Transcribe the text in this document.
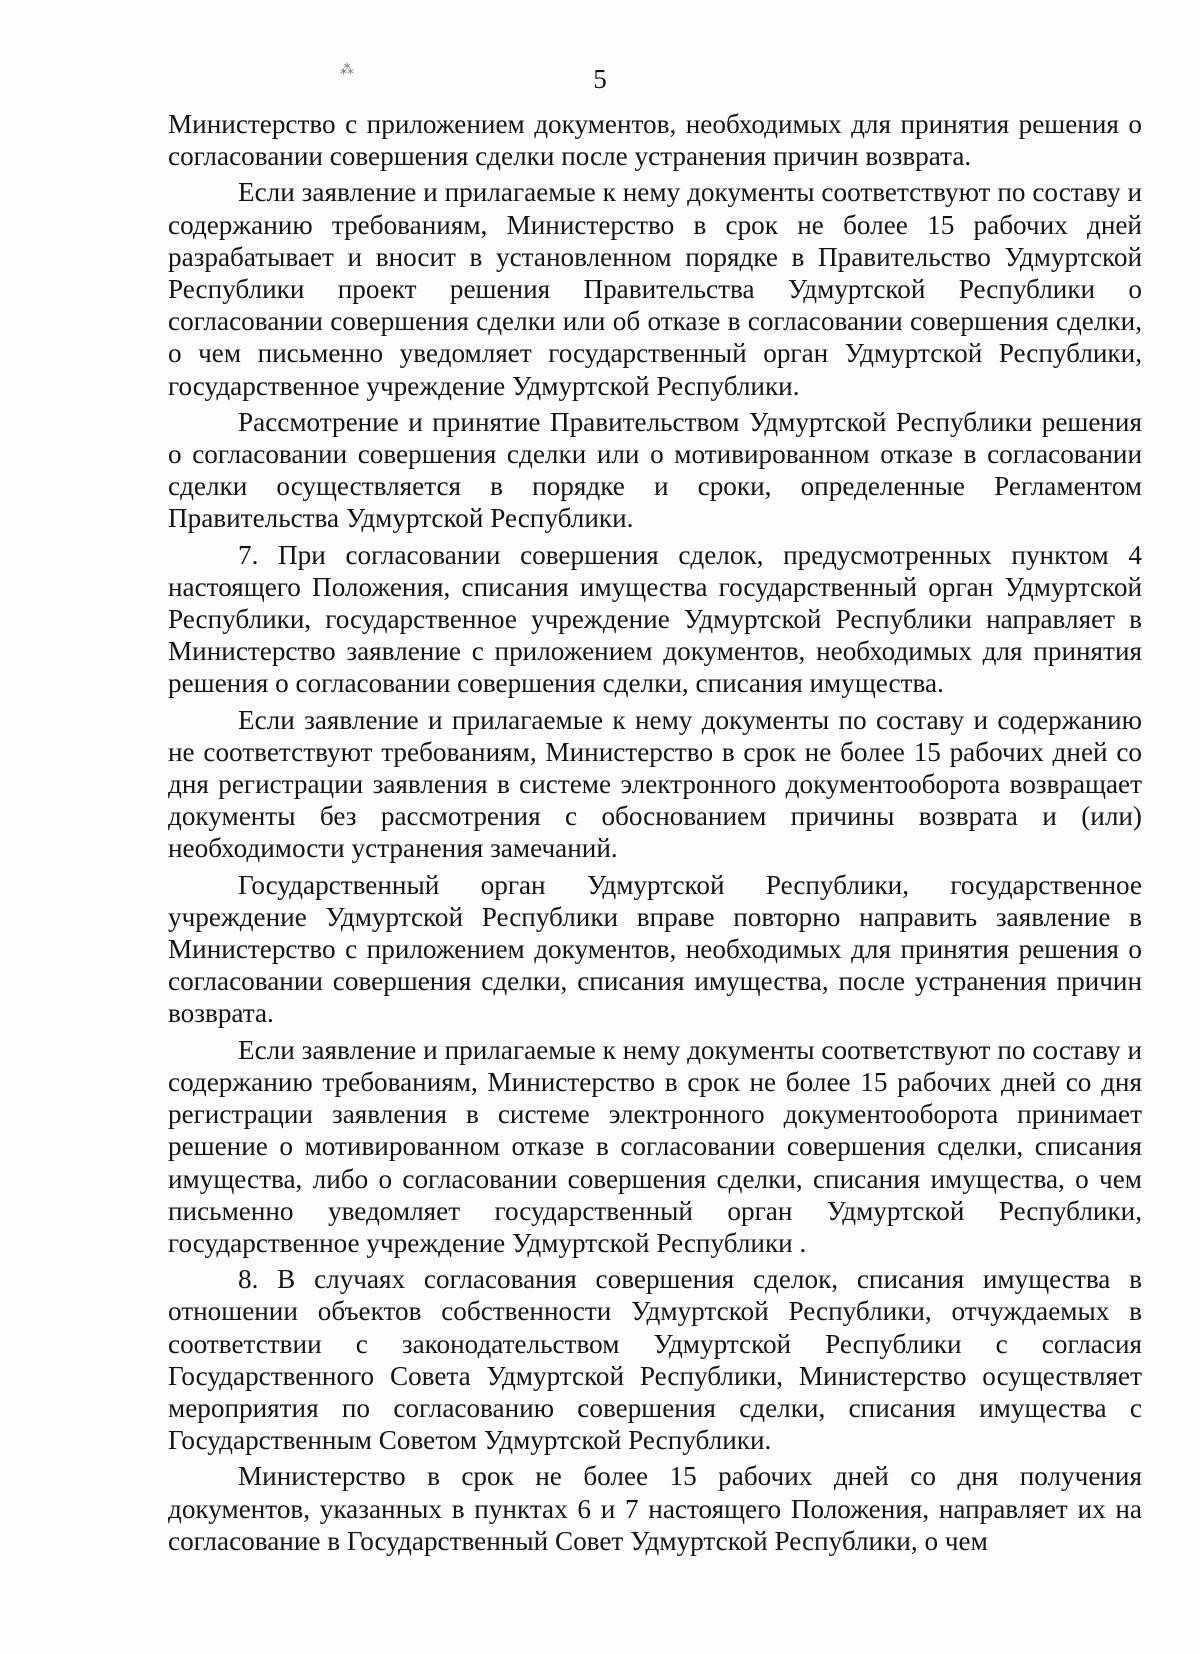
⁂	5

Министерство с приложением документов, необходимых для принятия решения о согласовании совершения сделки после устранения причин возврата.

Если заявление и прилагаемые к нему документы соответствуют по составу и содержанию требованиям, Министерство в срок не более 15 рабочих дней разрабатывает и вносит в установленном порядке в Правительство Удмуртской Республики проект решения Правительства Удмуртской Республики о согласовании совершения сделки или об отказе в согласовании совершения сделки, о чем письменно уведомляет государственный орган Удмуртской Республики, государственное учреждение Удмуртской Республики.

Рассмотрение и принятие Правительством Удмуртской Республики решения о согласовании совершения сделки или о мотивированном отказе в согласовании сделки осуществляется в порядке и сроки, определенные Регламентом Правительства Удмуртской Республики.

7. При согласовании совершения сделок, предусмотренных пунктом 4 настоящего Положения, списания имущества государственный орган Удмуртской Республики, государственное учреждение Удмуртской Республики направляет в Министерство заявление с приложением документов, необходимых для принятия решения о согласовании совершения сделки, списания имущества.

Если заявление и прилагаемые к нему документы по составу и содержанию не соответствуют требованиям, Министерство в срок не более 15 рабочих дней со дня регистрации заявления в системе электронного документооборота возвращает документы без рассмотрения с обоснованием причины возврата и (или) необходимости устранения замечаний.

Государственный орган Удмуртской Республики, государственное учреждение Удмуртской Республики вправе повторно направить заявление в Министерство с приложением документов, необходимых для принятия решения о согласовании совершения сделки, списания имущества, после устранения причин возврата.

Если заявление и прилагаемые к нему документы соответствуют по составу и содержанию требованиям, Министерство в срок не более 15 рабочих дней со дня регистрации заявления в системе электронного документооборота принимает решение о мотивированном отказе в согласовании совершения сделки, списания имущества, либо о согласовании совершения сделки, списания имущества, о чем письменно уведомляет государственный орган Удмуртской Республики, государственное учреждение Удмуртской Республики .

8. В случаях согласования совершения сделок, списания имущества в отношении объектов собственности Удмуртской Республики, отчуждаемых в соответствии с законодательством Удмуртской Республики с согласия Государственного Совета Удмуртской Республики, Министерство осуществляет мероприятия по согласованию совершения сделки, списания имущества с Государственным Советом Удмуртской Республики.

Министерство в срок не более 15 рабочих дней со дня получения документов, указанных в пунктах 6 и 7 настоящего Положения, направляет их на согласование в Государственный Совет Удмуртской Республики, о чем
